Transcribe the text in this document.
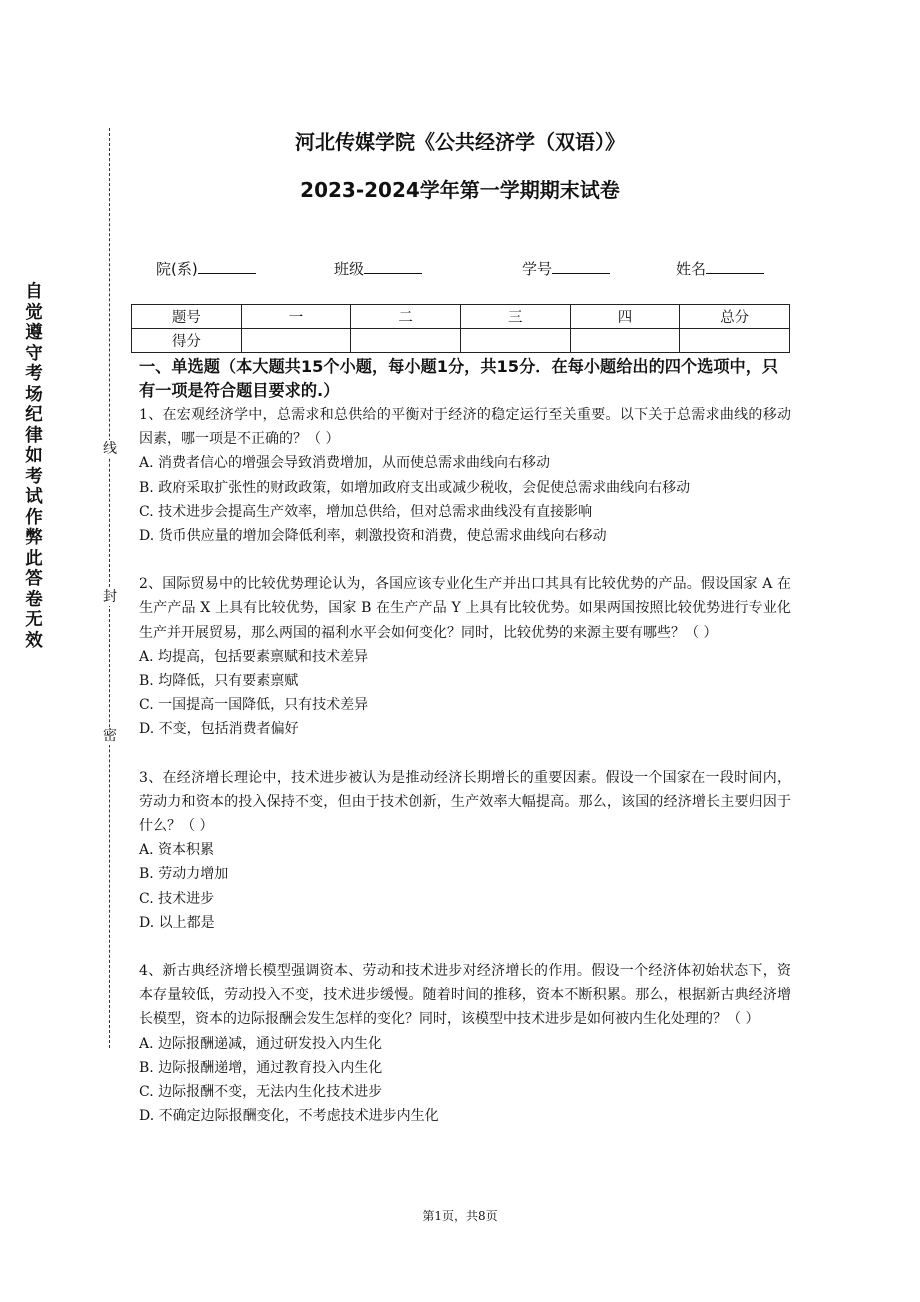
自觉遵守考场纪律如考试作弊此答卷无效
线
封
密
河北传媒学院《公共经济学（双语）》
2023-2024学年第一学期期末试卷
院(系)	班级	学号	姓名
题号	一	二	三	四	总分
得分					
一、单选题（本大题共15个小题，每小题1分，共15分．在每小题给出的四个选项中，只有一项是符合题目要求的.）
1、在宏观经济学中，总需求和总供给的平衡对于经济的稳定运行至关重要。以下关于总需求曲线的移动因素，哪一项是不正确的？（ ）
A. 消费者信心的增强会导致消费增加，从而使总需求曲线向右移动
B. 政府采取扩张性的财政政策，如增加政府支出或减少税收，会促使总需求曲线向右移动
C. 技术进步会提高生产效率，增加总供给，但对总需求曲线没有直接影响
D. 货币供应量的增加会降低利率，刺激投资和消费，使总需求曲线向右移动
2、国际贸易中的比较优势理论认为，各国应该专业化生产并出口其具有比较优势的产品。假设国家 A 在生产产品 X 上具有比较优势，国家 B 在生产产品 Y 上具有比较优势。如果两国按照比较优势进行专业化生产并开展贸易，那么两国的福利水平会如何变化？同时，比较优势的来源主要有哪些？（ ）
A. 均提高，包括要素禀赋和技术差异
B. 均降低，只有要素禀赋
C. 一国提高一国降低，只有技术差异
D. 不变，包括消费者偏好
3、在经济增长理论中，技术进步被认为是推动经济长期增长的重要因素。假设一个国家在一段时间内，劳动力和资本的投入保持不变，但由于技术创新，生产效率大幅提高。那么，该国的经济增长主要归因于什么？（ ）
A. 资本积累
B. 劳动力增加
C. 技术进步
D. 以上都是
4、新古典经济增长模型强调资本、劳动和技术进步对经济增长的作用。假设一个经济体初始状态下，资本存量较低，劳动投入不变，技术进步缓慢。随着时间的推移，资本不断积累。那么，根据新古典经济增长模型，资本的边际报酬会发生怎样的变化？同时，该模型中技术进步是如何被内生化处理的？（ ）
A. 边际报酬递减，通过研发投入内生化
B. 边际报酬递增，通过教育投入内生化
C. 边际报酬不变，无法内生化技术进步
D. 不确定边际报酬变化，不考虑技术进步内生化
第1页，共8页
